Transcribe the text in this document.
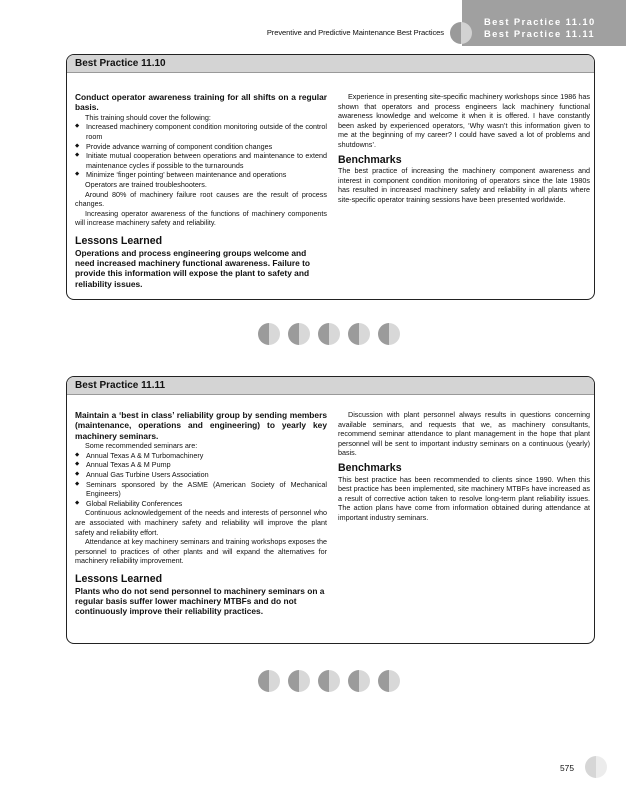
Preventive and Predictive Maintenance Best Practices
Best Practice 11.10
Best Practice 11.11
Best Practice 11.10

Conduct operator awareness training for all shifts on a regular basis.

This training should cover the following:

◆ Increased machinery component condition monitoring outside of the control room
◆ Provide advance warning of component condition changes
◆ Initiate mutual cooperation between operations and maintenance to extend maintenance cycles if possible to the turnarounds
◆ Minimize ‘finger pointing’ between maintenance and operations

Operators are trained troubleshooters.

Around 80% of machinery failure root causes are the result of process changes.

Increasing operator awareness of the functions of machinery components will increase machinery safety and reliability.

Lessons Learned

Operations and process engineering groups welcome and need increased machinery functional awareness. Failure to provide this information will expose the plant to safety and reliability issues.

Experience in presenting site-specific machinery workshops since 1986 has shown that operators and process engineers lack machinery functional awareness knowledge and welcome it when it is offered. I have constantly been asked by experienced operators, ‘Why wasn’t this information given to me at the beginning of my career? I could have saved a lot of problems and shutdowns’.

Benchmarks

The best practice of increasing the machinery component awareness and interest in component condition monitoring of operators since the late 1980s has resulted in increased machinery safety and reliability in all plants where site-specific operator training sessions have been presented worldwide.

Best Practice 11.11

Maintain a ‘best in class’ reliability group by sending members (maintenance, operations and engineering) to yearly key machinery seminars.

Some recommended seminars are:

◆ Annual Texas A & M Turbomachinery
◆ Annual Texas A & M Pump
◆ Annual Gas Turbine Users Association
◆ Seminars sponsored by the ASME (American Society of Mechanical Engineers)
◆ Global Reliability Conferences

Continuous acknowledgement of the needs and interests of personnel who are associated with machinery safety and reliability will improve the plant safety and reliability effort.

Attendance at key machinery seminars and training workshops exposes the personnel to practices of other plants and will expand the alternatives for machinery reliability improvement.

Lessons Learned

Plants who do not send personnel to machinery seminars on a regular basis suffer lower machinery MTBFs and do not continuously improve their reliability practices.

Discussion with plant personnel always results in questions concerning available seminars, and requests that we, as machinery consultants, recommend seminar attendance to plant management in the hope that plant personnel will be sent to important industry seminars on a continuous (yearly) basis.

Benchmarks

This best practice has been recommended to clients since 1990. When this best practice has been implemented, site machinery MTBFs have increased as a result of corrective action taken to resolve long-term plant reliability issues. The action plans have come from information obtained during attendance at important industry seminars.

575
